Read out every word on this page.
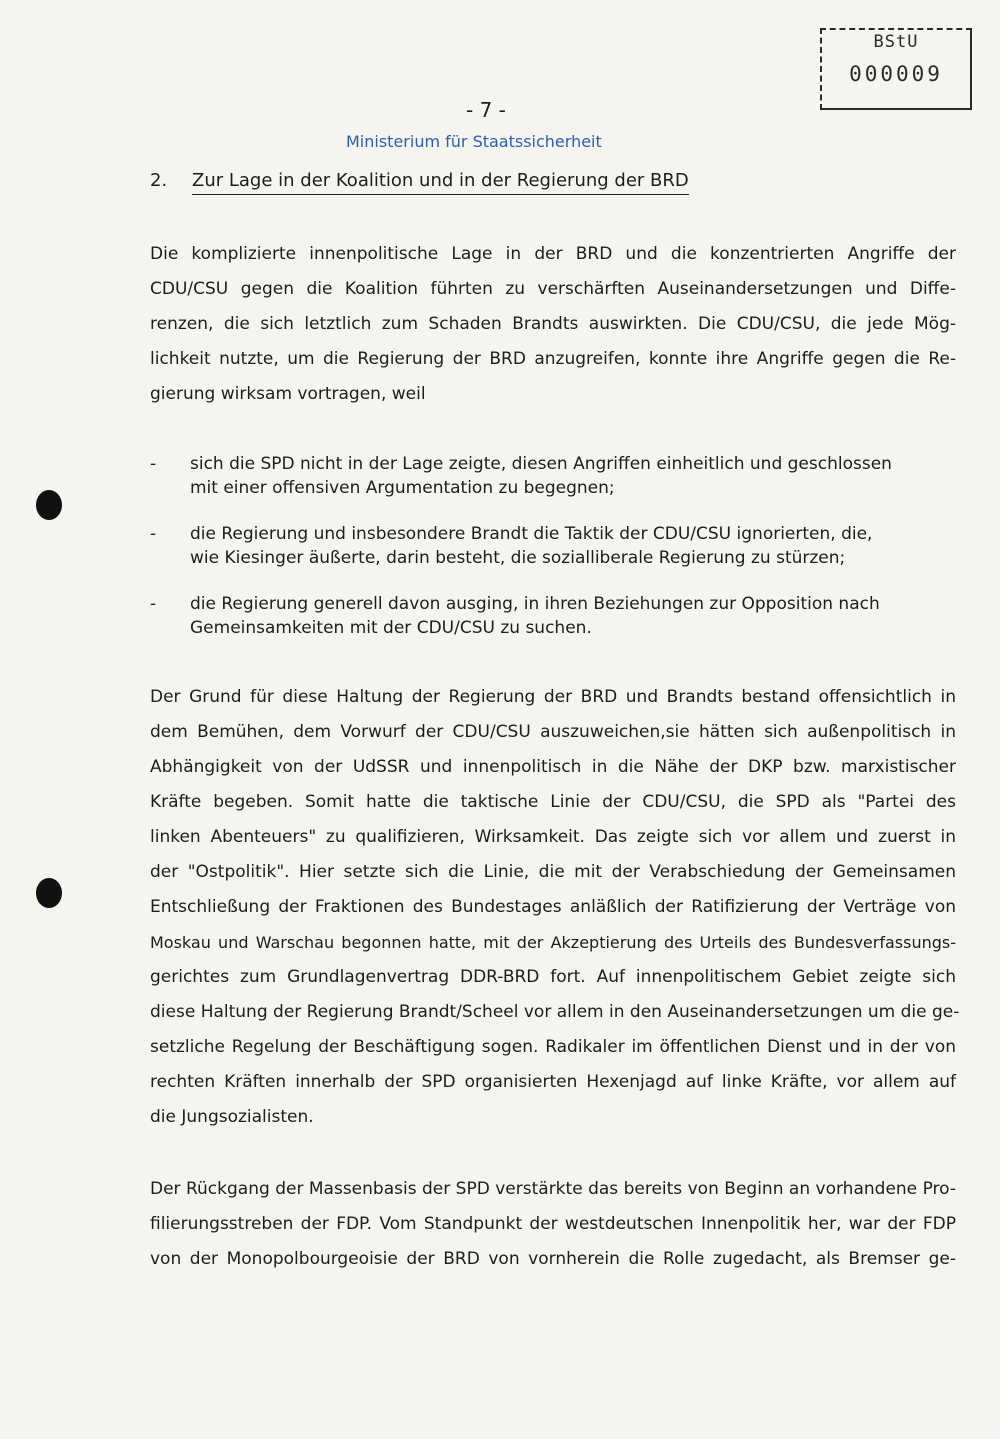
BStU
000009
- 7 -
Ministerium für Staatssicherheit
2. Zur Lage in der Koalition und in der Regierung der BRD
Die komplizierte innenpolitische Lage in der BRD und die konzentrierten Angriffe der
CDU/CSU gegen die Koalition führten zu verschärften Auseinandersetzungen und Diffe-
renzen, die sich letztlich zum Schaden Brandts auswirkten. Die CDU/CSU, die jede Mög-
lichkeit nutzte, um die Regierung der BRD anzugreifen, konnte ihre Angriffe gegen die Re-
gierung wirksam vortragen, weil
- sich die SPD nicht in der Lage zeigte, diesen Angriffen einheitlich und geschlossen
mit einer offensiven Argumentation zu begegnen;
- die Regierung und insbesondere Brandt die Taktik der CDU/CSU ignorierten, die,
wie Kiesinger äußerte, darin besteht, die sozialliberale Regierung zu stürzen;
- die Regierung generell davon ausging, in ihren Beziehungen zur Opposition nach
Gemeinsamkeiten mit der CDU/CSU zu suchen.
Der Grund für diese Haltung der Regierung der BRD und Brandts bestand offensichtlich in
dem Bemühen, dem Vorwurf der CDU/CSU auszuweichen,sie hätten sich außenpolitisch in
Abhängigkeit von der UdSSR und innenpolitisch in die Nähe der DKP bzw. marxistischer
Kräfte begeben. Somit hatte die taktische Linie der CDU/CSU, die SPD als "Partei des
linken Abenteuers" zu qualifizieren, Wirksamkeit. Das zeigte sich vor allem und zuerst in
der "Ostpolitik". Hier setzte sich die Linie, die mit der Verabschiedung der Gemeinsamen
Entschließung der Fraktionen des Bundestages anläßlich der Ratifizierung der Verträge von
Moskau und Warschau begonnen hatte, mit der Akzeptierung des Urteils des Bundesverfassungs-
gerichtes zum Grundlagenvertrag DDR-BRD fort. Auf innenpolitischem Gebiet zeigte sich
diese Haltung der Regierung Brandt/Scheel vor allem in den Auseinandersetzungen um die ge-
setzliche Regelung der Beschäftigung sogen. Radikaler im öffentlichen Dienst und in der von
rechten Kräften innerhalb der SPD organisierten Hexenjagd auf linke Kräfte, vor allem auf
die Jungsozialisten.
Der Rückgang der Massenbasis der SPD verstärkte das bereits von Beginn an vorhandene Pro-
filierungsstreben der FDP. Vom Standpunkt der westdeutschen Innenpolitik her, war der FDP
von der Monopolbourgeoisie der BRD von vornherein die Rolle zugedacht, als Bremser ge-
